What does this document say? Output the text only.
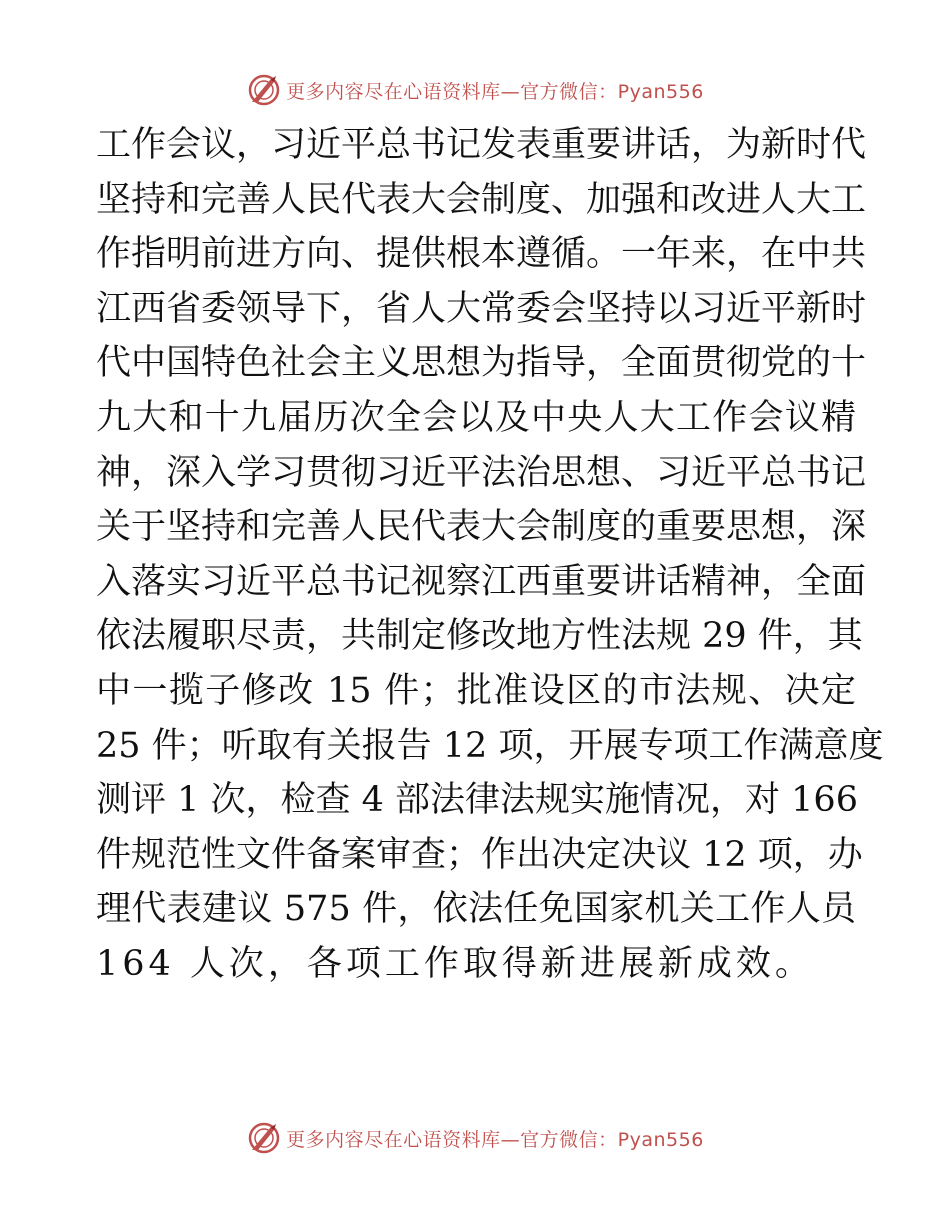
更多内容尽在心语资料库—官方微信：Pyan556
工作会议，习近平总书记发表重要讲话，为新时代
坚持和完善人民代表大会制度、加强和改进人大工
作指明前进方向、提供根本遵循。一年来，在中共
江西省委领导下，省人大常委会坚持以习近平新时
代中国特色社会主义思想为指导，全面贯彻党的十
九大和十九届历次全会以及中央人大工作会议精
神，深入学习贯彻习近平法治思想、习近平总书记
关于坚持和完善人民代表大会制度的重要思想，深
入落实习近平总书记视察江西重要讲话精神，全面
依法履职尽责，共制定修改地方性法规 29 件，其
中一揽子修改 15 件；批准设区的市法规、决定
25 件；听取有关报告 12 项，开展专项工作满意度
测评 1 次，检查 4 部法律法规实施情况，对 166
件规范性文件备案审查；作出决定决议 12 项，办
理代表建议 575 件，依法任免国家机关工作人员
164 人次，各项工作取得新进展新成效。
更多内容尽在心语资料库—官方微信：Pyan556
